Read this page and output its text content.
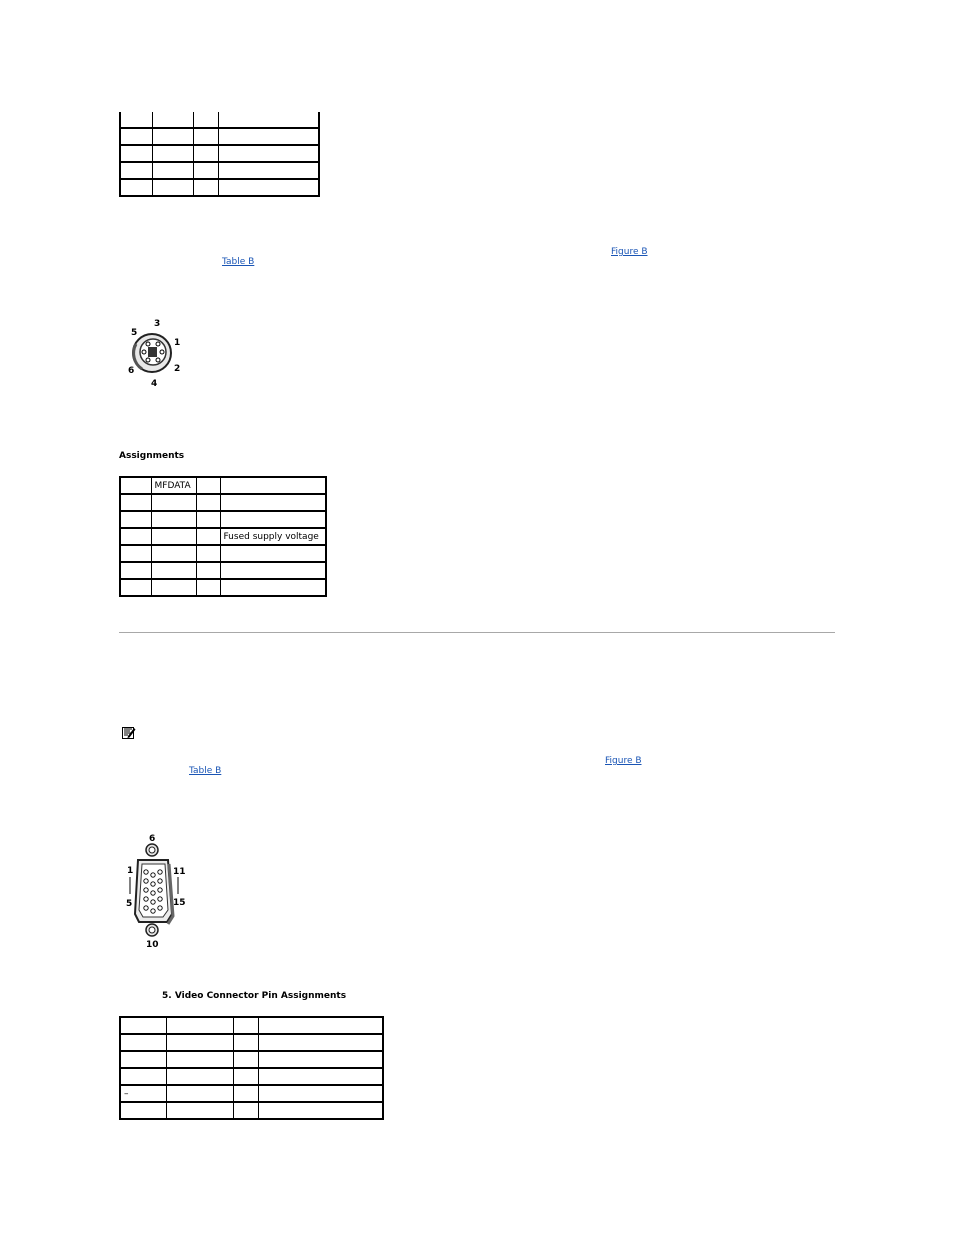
Figure B
Table B
3
5
1
6	2
4
Assignments
	MFDATA		

			Fused supply voltage

Figure B
Table B
6
1	11
5	15
10
5. Video Connector Pin Assignments

–			
